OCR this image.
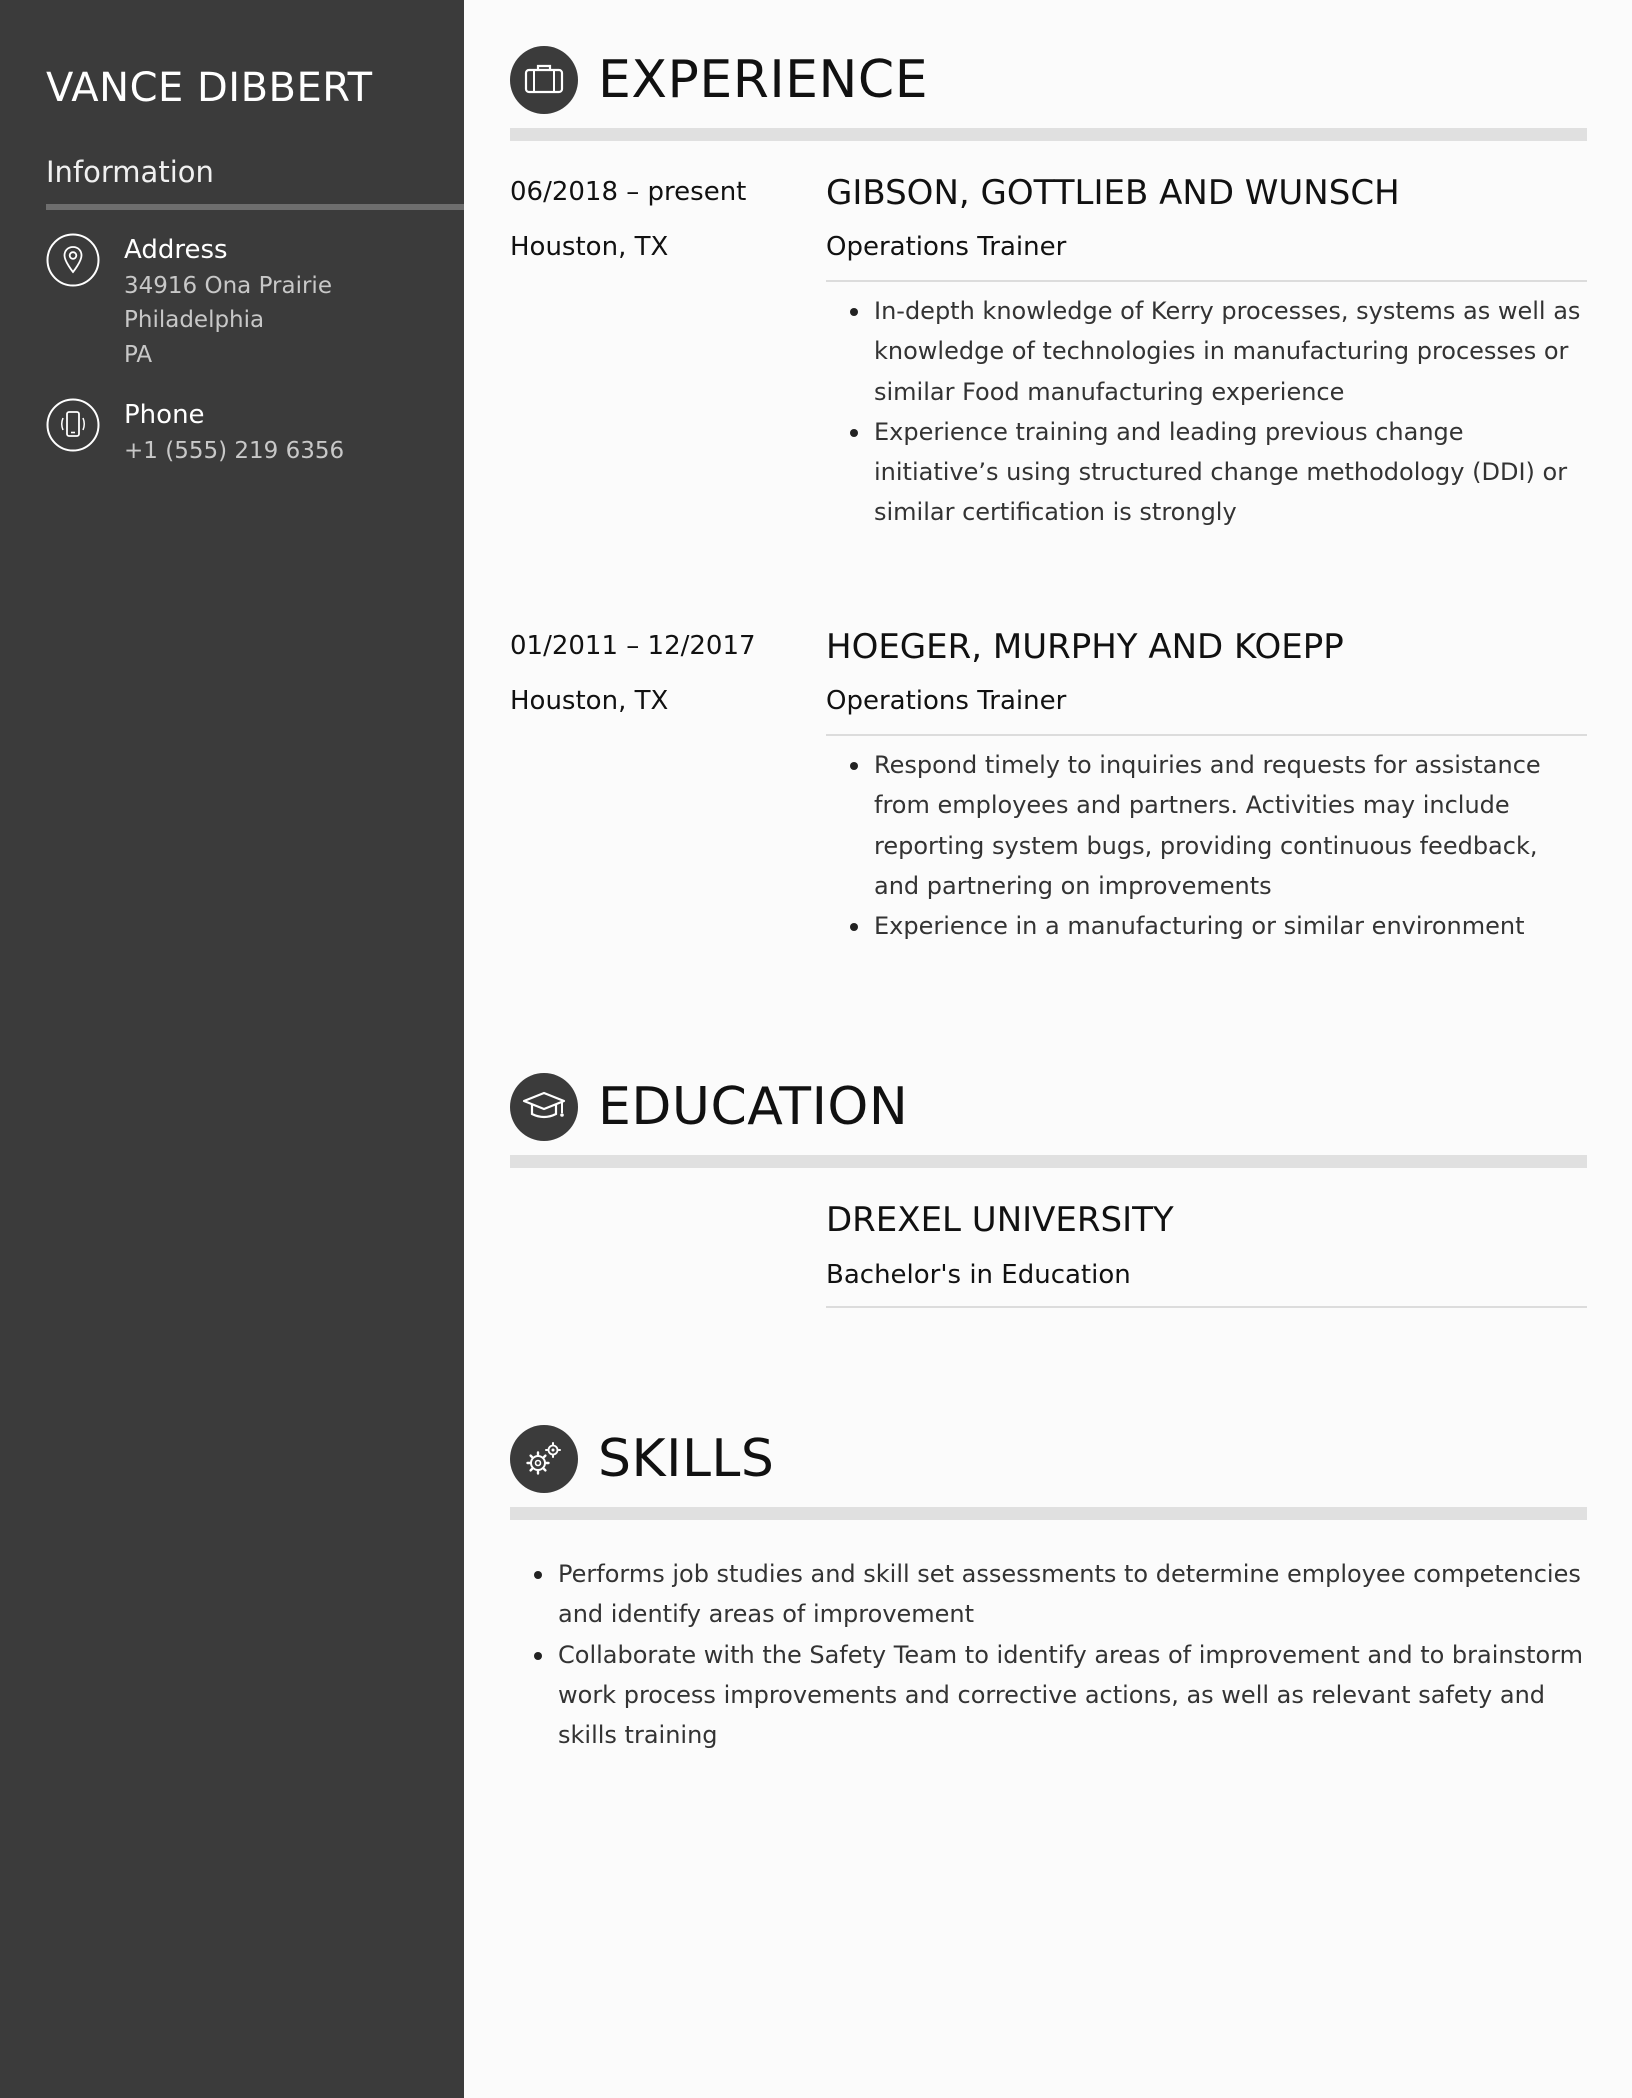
VANCE DIBBERT
Information
Address
34916 Ona Prairie
Philadelphia
PA
Phone
+1 (555) 219 6356
EXPERIENCE
06/2018 – present
Houston, TX
GIBSON, GOTTLIEB AND WUNSCH
Operations Trainer
In-depth knowledge of Kerry processes, systems as well as knowledge of technologies in manufacturing processes or similar Food manufacturing experience
Experience training and leading previous change initiative’s using structured change methodology (DDI) or similar certification is strongly
01/2011 – 12/2017
Houston, TX
HOEGER, MURPHY AND KOEPP
Operations Trainer
Respond timely to inquiries and requests for assistance from employees and partners. Activities may include reporting system bugs, providing continuous feedback, and partnering on improvements
Experience in a manufacturing or similar environment
EDUCATION
DREXEL UNIVERSITY
Bachelor's in Education
SKILLS
Performs job studies and skill set assessments to determine employee competencies and identify areas of improvement
Collaborate with the Safety Team to identify areas of improvement and to brainstorm work process improvements and corrective actions, as well as relevant safety and skills training
